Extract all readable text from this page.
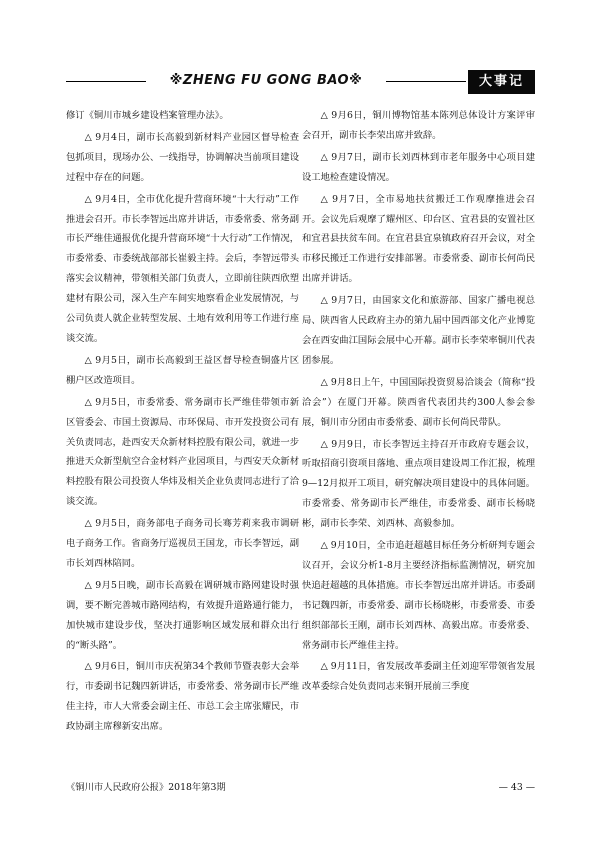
※ZHENG FU GONG BAO※	大事记

修订《铜川市城乡建设档案管理办法》。

△ 9月4日，副市长高毅到新材料产业园区督导检查包抓项目，现场办公、一线指导，协调解决当前项目建设过程中存在的问题。

△ 9月4日，全市优化提升营商环境“十大行动”工作推进会召开。市长李智远出席并讲话，市委常委、常务副市长严维佳通报优化提升营商环境“十大行动”工作情况，市委常委、市委统战部部长崔毅主持。会后，李智远带头落实会议精神，带领相关部门负责人，立即前往陕西欣塑建材有限公司，深入生产车间实地察看企业发展情况，与公司负责人就企业转型发展、土地有效利用等工作进行座谈交流。

△ 9月5日，副市长高毅到王益区督导检查铜盛片区棚户区改造项目。

△ 9月5日，市委常委、常务副市长严维佳带领市新区管委会、市国土资源局、市环保局、市开发投资公司有关负责同志，赴西安天众新材料控股有限公司，就进一步推进天众新型航空合金材料产业园项目，与西安天众新材料控股有限公司投资人华炜及相关企业负责同志进行了洽谈交流。

△ 9月5日，商务部电子商务司长骞芳莉来我市调研电子商务工作。省商务厅巡视员王国龙，市长李智远，副市长刘西林陪同。

△ 9月5日晚，副市长高毅在调研城市路网建设时强调，要不断完善城市路网结构，有效提升道路通行能力，加快城市建设步伐，坚决打通影响区域发展和群众出行的“断头路”。

△ 9月6日，铜川市庆祝第34个教师节暨表彰大会举行，市委副书记魏四新讲话，市委常委、常务副市长严维佳主持，市人大常委会副主任、市总工会主席张耀民，市政协副主席穆新安出席。

△ 9月6日，铜川博物馆基本陈列总体设计方案评审会召开，副市长李荣出席并致辞。

△ 9月7日，副市长刘西林到市老年服务中心项目建设工地检查建设情况。

△ 9月7日，全市易地扶贫搬迁工作观摩推进会召开。会议先后观摩了耀州区、印台区、宜君县的安置社区和宜君县扶贫车间。在宜君县宜泉镇政府召开会议，对全市移民搬迁工作进行安排部署。市委常委、副市长何尚民出席并讲话。

△ 9月7日，由国家文化和旅游部、国家广播电视总局、陕西省人民政府主办的第九届中国西部文化产业博览会在西安曲江国际会展中心开幕。副市长李荣率铜川代表团参展。

△ 9月8日上午，中国国际投资贸易洽谈会（简称“投洽会”）在厦门开幕。陕西省代表团共约300人参会参展，铜川市分团由市委常委、副市长何尚民带队。

△ 9月9日，市长李智远主持召开市政府专题会议，听取招商引资项目落地、重点项目建设周工作汇报，梳理9—12月拟开工项目，研究解决项目建设中的具体问题。市委常委、常务副市长严维佳，市委常委、副市长杨晓彬，副市长李荣、刘西林、高毅参加。

△ 9月10日，全市追赶超越目标任务分析研判专题会议召开，会议分析1-8月主要经济指标监测情况，研究加快追赶超越的具体措施。市长李智远出席并讲话。市委副书记魏四新，市委常委、副市长杨晓彬，市委常委、市委组织部部长王刚，副市长刘西林、高毅出席。市委常委、常务副市长严维佳主持。

△ 9月11日，省发展改革委副主任刘迎军带领省发展改革委综合处负责同志来铜开展前三季度

《铜川市人民政府公报》2018年第3期	— 43 —
